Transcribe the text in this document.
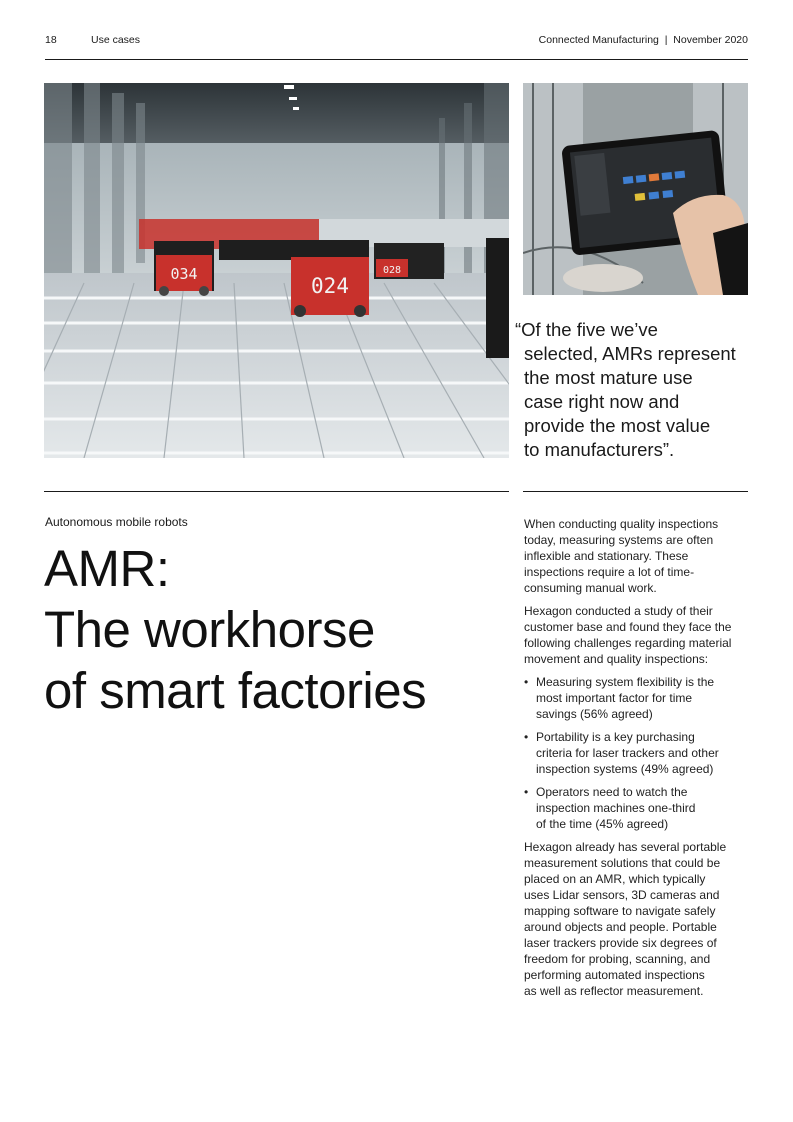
18	Use cases	Connected Manufacturing  |  November 2020
028
034	024
“Of the five we’ve
selected, AMRs represent
the most mature use
case right now and
provide the most value
to manufacturers”.
Autonomous mobile robots
AMR:
The workhorse
of smart factories

When conducting quality inspections
today, measuring systems are often
inflexible and stationary. These
inspections require a lot of time-
consuming manual work.

Hexagon conducted a study of their
customer base and found they face the
following challenges regarding material
movement and quality inspections:

• Measuring system flexibility is the
most important factor for time
savings (56% agreed)
• Portability is a key purchasing
criteria for laser trackers and other
inspection systems (49% agreed)
• Operators need to watch the
inspection machines one-third
of the time (45% agreed)

Hexagon already has several portable
measurement solutions that could be
placed on an AMR, which typically
uses Lidar sensors, 3D cameras and
mapping software to navigate safely
around objects and people. Portable
laser trackers provide six degrees of
freedom for probing, scanning, and
performing automated inspections
as well as reflector measurement.
